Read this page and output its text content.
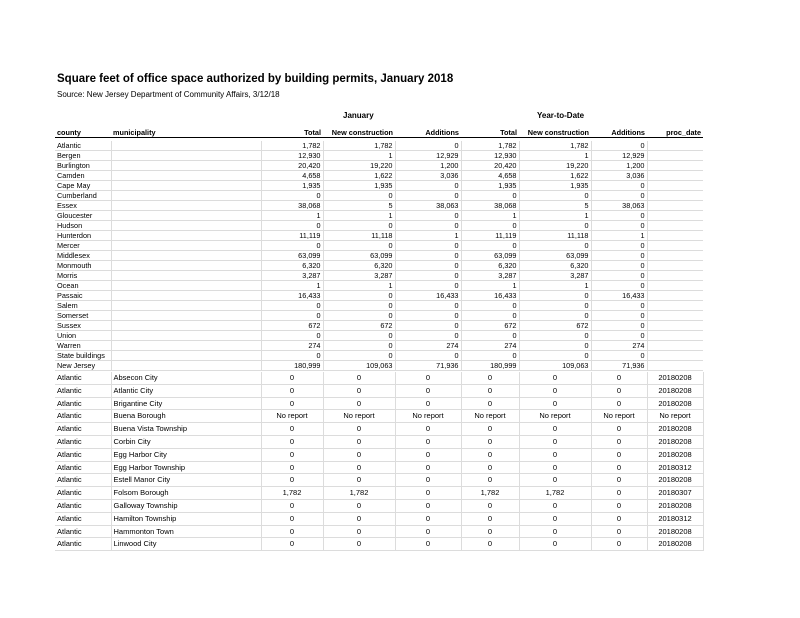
Square feet of office space authorized by building permits, January 2018
Source: New Jersey Department of Community Affairs, 3/12/18
January	Year-to-Date
county	municipality	Total	New construction	Additions	Total	New construction	Additions	proc_date
Atlantic		1,782	1,782	0	1,782	1,782	0	
Bergen		12,930	1	12,929	12,930	1	12,929	
Burlington		20,420	19,220	1,200	20,420	19,220	1,200	
Camden		4,658	1,622	3,036	4,658	1,622	3,036	
Cape May		1,935	1,935	0	1,935	1,935	0	
Cumberland		0	0	0	0	0	0	
Essex		38,068	5	38,063	38,068	5	38,063	
Gloucester		1	1	0	1	1	0	
Hudson		0	0	0	0	0	0	
Hunterdon		11,119	11,118	1	11,119	11,118	1	
Mercer		0	0	0	0	0	0	
Middlesex		63,099	63,099	0	63,099	63,099	0	
Monmouth		6,320	6,320	0	6,320	6,320	0	
Morris		3,287	3,287	0	3,287	3,287	0	
Ocean		1	1	0	1	1	0	
Passaic		16,433	0	16,433	16,433	0	16,433	
Salem		0	0	0	0	0	0	
Somerset		0	0	0	0	0	0	
Sussex		672	672	0	672	672	0	
Union		0	0	0	0	0	0	
Warren		274	0	274	274	0	274	
State buildings		0	0	0	0	0	0	
New Jersey		180,999	109,063	71,936	180,999	109,063	71,936	
Atlantic	Absecon City	0	0	0	0	0	0	20180208
Atlantic	Atlantic City	0	0	0	0	0	0	20180208
Atlantic	Brigantine City	0	0	0	0	0	0	20180208
Atlantic	Buena Borough	No report	No report	No report	No report	No report	No report	No report
Atlantic	Buena Vista Township	0	0	0	0	0	0	20180208
Atlantic	Corbin City	0	0	0	0	0	0	20180208
Atlantic	Egg Harbor City	0	0	0	0	0	0	20180208
Atlantic	Egg Harbor Township	0	0	0	0	0	0	20180312
Atlantic	Estell Manor City	0	0	0	0	0	0	20180208
Atlantic	Folsom Borough	1,782	1,782	0	1,782	1,782	0	20180307
Atlantic	Galloway Township	0	0	0	0	0	0	20180208
Atlantic	Hamilton Township	0	0	0	0	0	0	20180312
Atlantic	Hammonton Town	0	0	0	0	0	0	20180208
Atlantic	Linwood City	0	0	0	0	0	0	20180208
